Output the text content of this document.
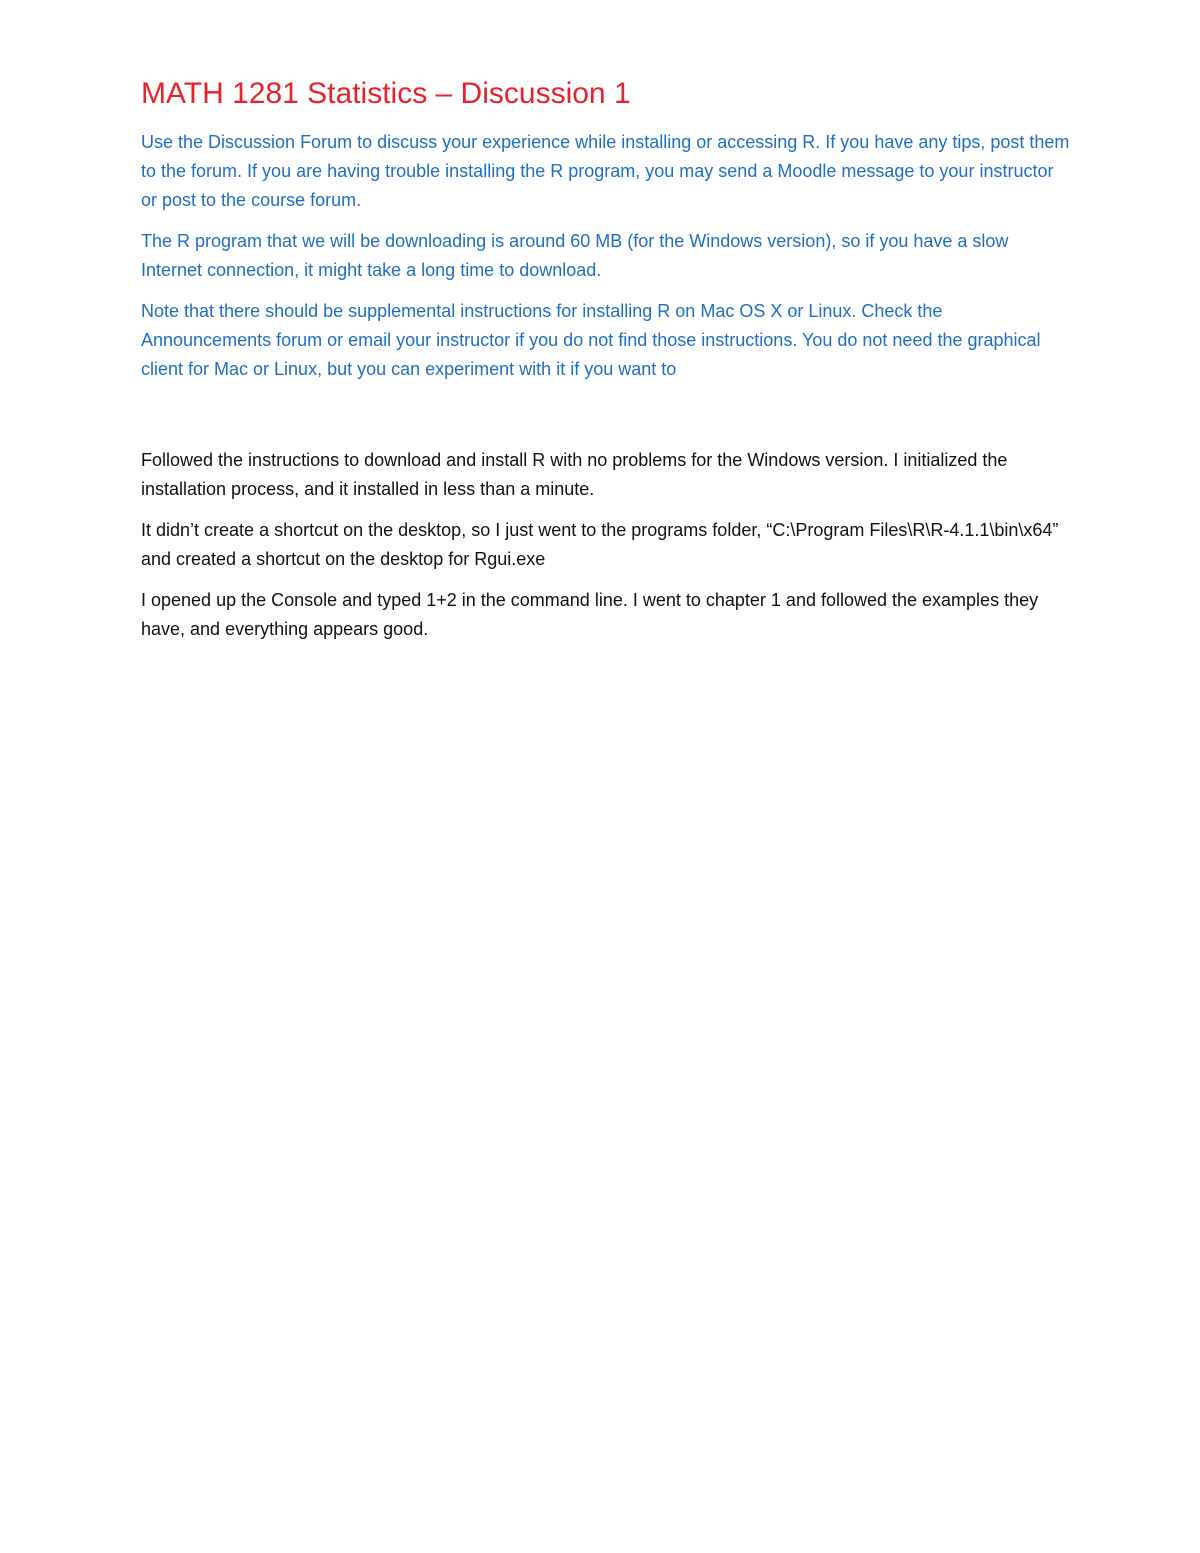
MATH 1281 Statistics – Discussion 1

Use the Discussion Forum to discuss your experience while installing or accessing R. If you have any tips, post them to the forum. If you are having trouble installing the R program, you may send a Moodle message to your instructor or post to the course forum.

The R program that we will be downloading is around 60 MB (for the Windows version), so if you have a slow Internet connection, it might take a long time to download.

Note that there should be supplemental instructions for installing R on Mac OS X or Linux. Check the Announcements forum or email your instructor if you do not find those instructions. You do not need the graphical client for Mac or Linux, but you can experiment with it if you want to

Followed the instructions to download and install R with no problems for the Windows version. I initialized the installation process, and it installed in less than a minute.

It didn’t create a shortcut on the desktop, so I just went to the programs folder, “C:\Program Files\R\R-4.1.1\bin\x64” and created a shortcut on the desktop for Rgui.exe

I opened up the Console and typed 1+2 in the command line. I went to chapter 1 and followed the examples they have, and everything appears good.
